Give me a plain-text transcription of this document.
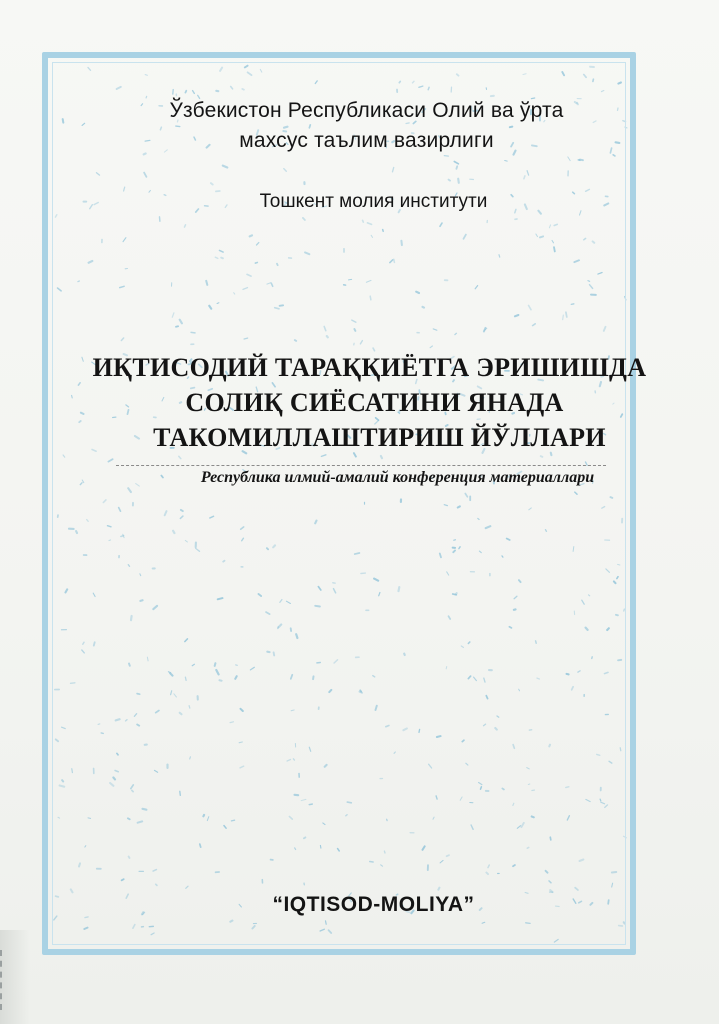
Ўзбекистон Республикаси Олий ва ўрта
махсус таълим вазирлиги
Тошкент молия институти
ИҚТИСОДИЙ ТАРАҚҚИЁТГА ЭРИШИШДА
СОЛИҚ СИЁСАТИНИ ЯНАДА
ТАКОМИЛЛАШТИРИШ ЙЎЛЛАРИ
Республика илмий-амалий конференция материаллари
“IQTISOD-MOLIYA”
